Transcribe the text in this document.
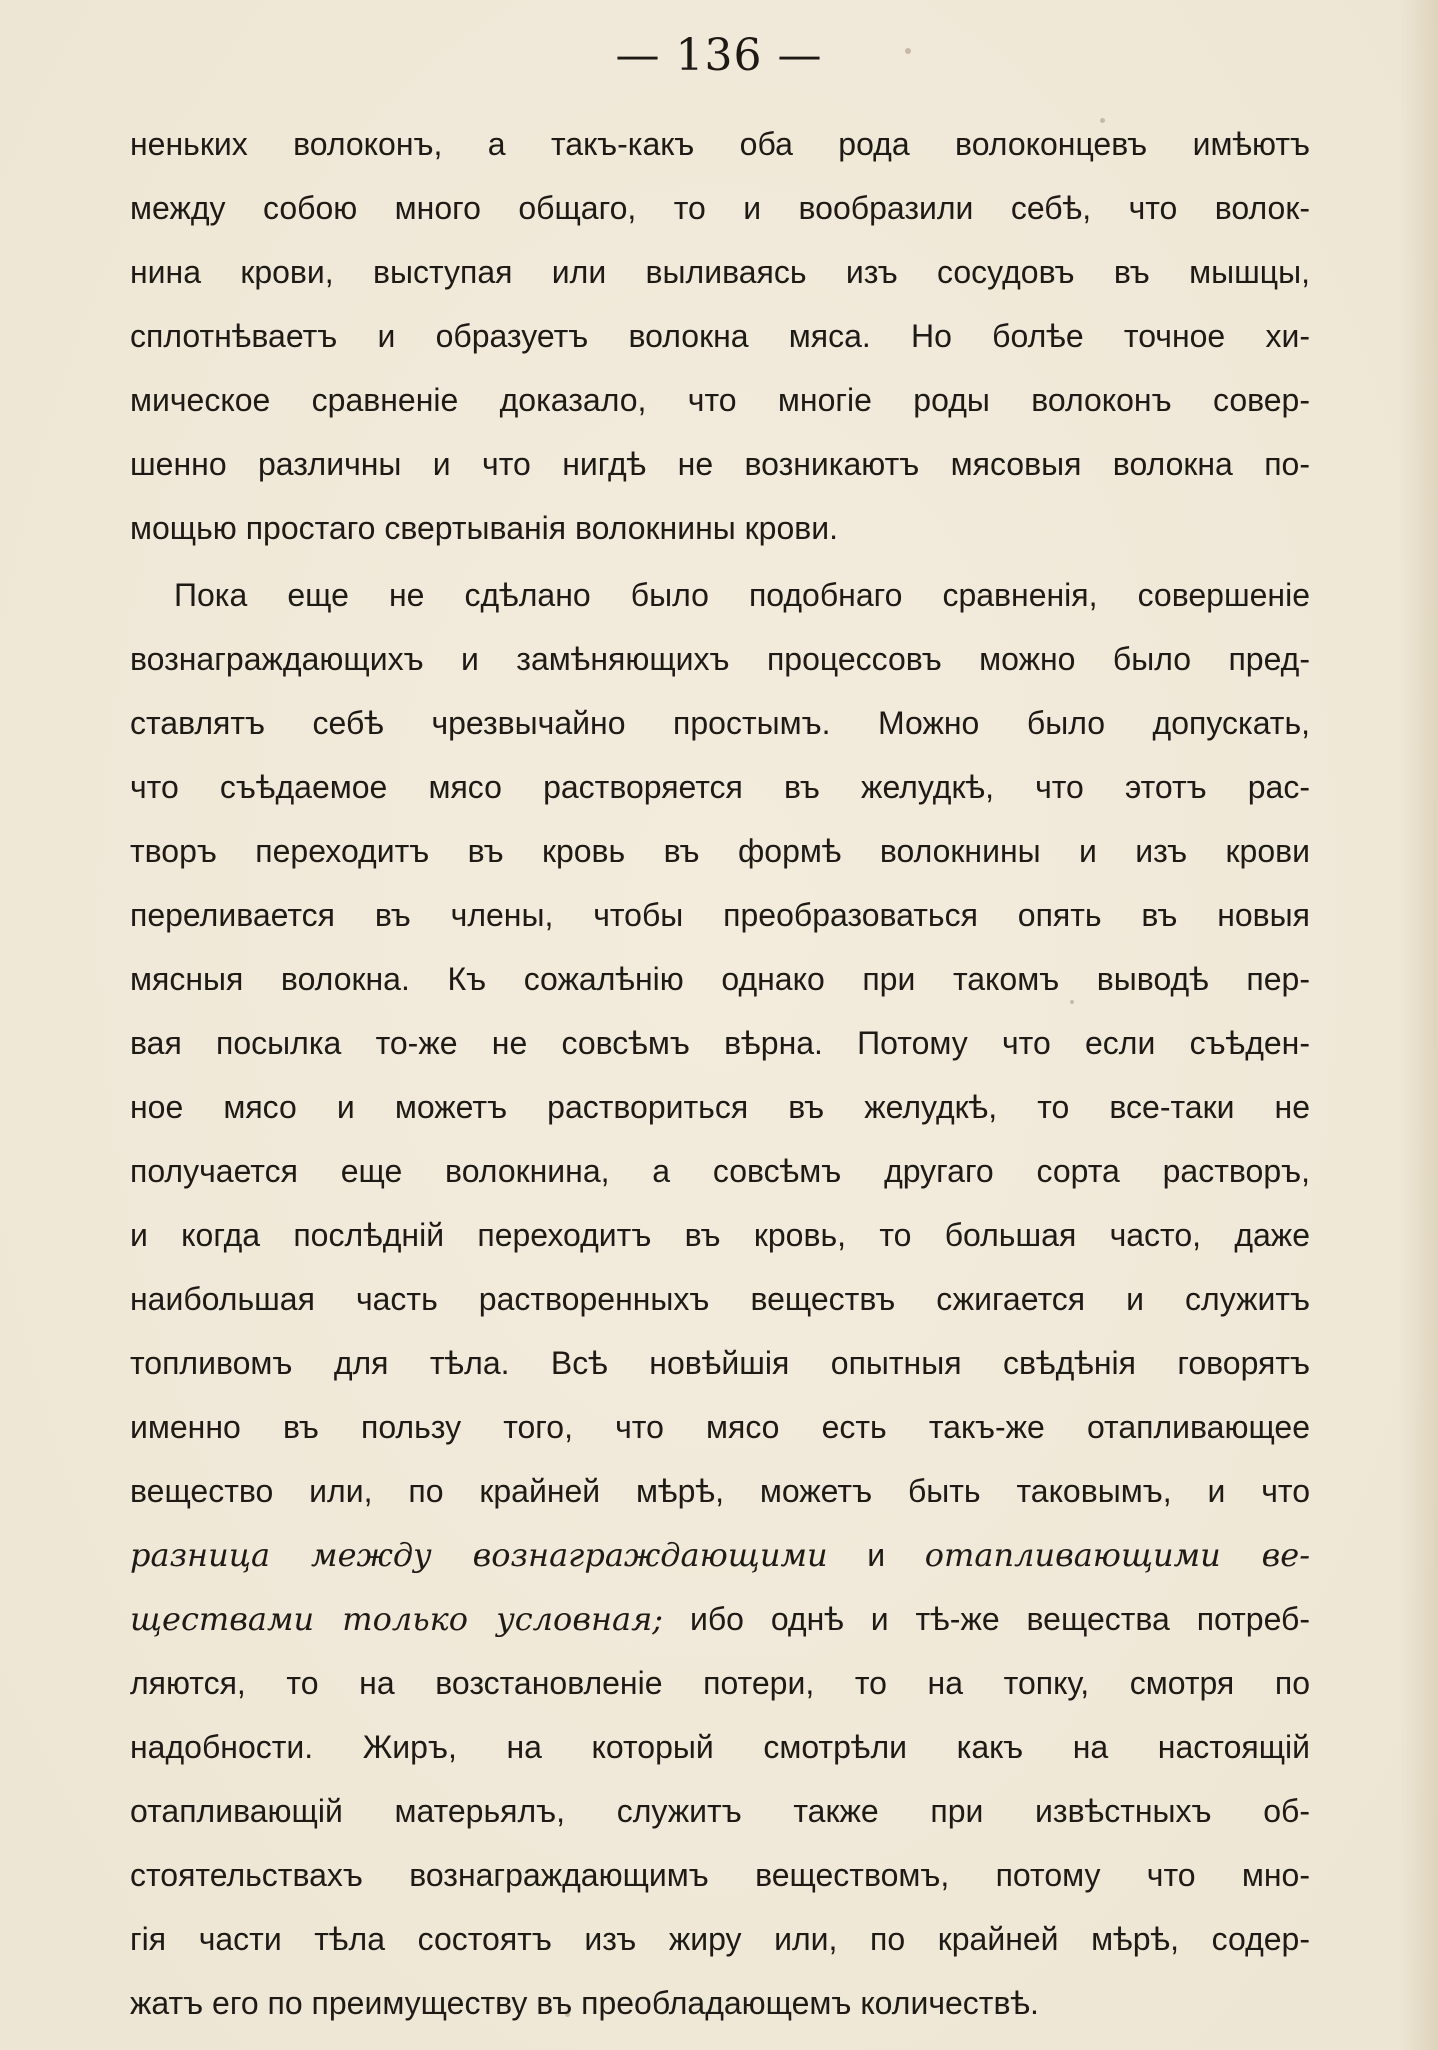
— 136 —
неньких волоконъ, а такъ-какъ оба рода волоконцевъ имѣютъ
между собою много общаго, то и вообразили себѣ, что волок-
нина крови, выступая или выливаясь изъ сосудовъ въ мышцы,
сплотнѣваетъ и образуетъ волокна мяса. Но болѣе точное хи-
мическое сравненіе доказало, что многіе роды волоконъ совер-
шенно различны и что нигдѣ не возникаютъ мясовыя волокна по-
мощью простаго свертыванія волокнины крови.
Пока еще не сдѣлано было подобнаго сравненія, совершеніе
вознаграждающихъ и замѣняющихъ процессовъ можно было пред-
ставлятъ себѣ чрезвычайно простымъ. Можно было допускать,
что съѣдаемое мясо растворяется въ желудкѣ, что этотъ рас-
творъ переходитъ въ кровь въ формѣ волокнины и изъ крови
переливается въ члены, чтобы преобразоваться опять въ новыя
мясныя волокна. Къ сожалѣнію однако при такомъ выводѣ пер-
вая посылка то-же не совсѣмъ вѣрна. Потому что если съѣден-
ное мясо и можетъ раствориться въ желудкѣ, то все-таки не
получается еще волокнина, а совсѣмъ другаго сорта растворъ,
и когда послѣдній переходитъ въ кровь, то большая часто, даже
наибольшая часть растворенныхъ веществъ сжигается и служитъ
топливомъ для тѣла. Всѣ новѣйшія опытныя свѣдѣнія говорятъ
именно въ пользу того, что мясо есть такъ-же отапливающее
вещество или, по крайней мѣрѣ, можетъ быть таковымъ, и что
разница между вознаграждающими и отапливающими ве-
ществами только условная; ибо однѣ и тѣ-же вещества потреб-
ляются, то на возстановленіе потери, то на топку, смотря по
надобности. Жиръ, на который смотрѣли какъ на настоящій
отапливающій матерьялъ, служитъ также при извѣстныхъ об-
стоятельствахъ вознаграждающимъ веществомъ, потому что мно-
гія части тѣла состоятъ изъ жиру или, по крайней мѣрѣ, содер-
жатъ его по преимуществу въ преобладающемъ количествѣ.
